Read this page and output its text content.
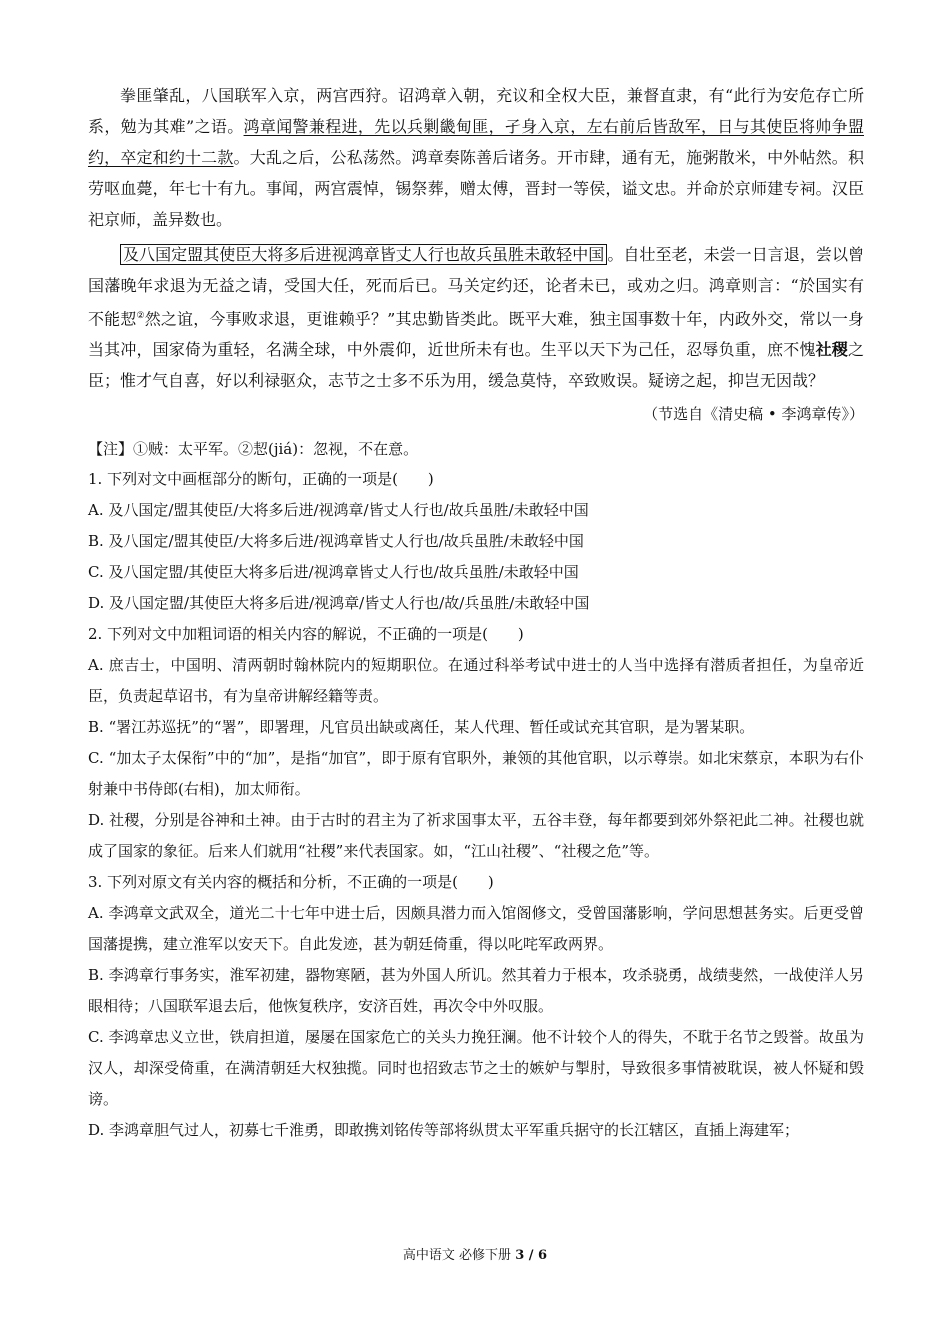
拳匪肇乱，八国联军入京，两宫西狩。诏鸿章入朝，充议和全权大臣，兼督直隶，有“此行为安危存亡所系，勉为其难”之语。鸿章闻警兼程进，先以兵剿畿甸匪，孑身入京，左右前后皆敌军，日与其使臣将帅争盟约，卒定和约十二款。大乱之后，公私荡然。鸿章奏陈善后诸务。开市肆，通有无，施粥散米，中外帖然。积劳呕血薨，年七十有九。事闻，两宫震悼，锡祭葬，赠太傅，晋封一等侯，谥文忠。并命於京师建专祠。汉臣祀京师，盖异数也。

及八国定盟其使臣大将多后进视鸿章皆丈人行也故兵虽胜未敢轻中国 。自壮至老，未尝一日言退，尝以曾国藩晚年求退为无益之请，受国大任，死而后已。马关定约还，论者未已，或劝之归。鸿章则言：“於国实有不能恝②然之谊，今事败求退，更谁赖乎？”其忠勤皆类此。既平大难，独主国事数十年，内政外交，常以一身当其冲，国家倚为重轻，名满全球，中外震仰，近世所未有也。生平以天下为己任，忍辱负重，庶不愧社稷之臣；惟才气自喜，好以利禄驱众，志节之士多不乐为用，缓急莫恃，卒致败误。疑谤之起，抑岂无因哉？

（节选自《清史稿 • 李鸿章传》）

【注】①贼：太平军。②恝(jiá)：忽视，不在意。

1. 下列对文中画框部分的断句，正确的一项是(　　)

A. 及八国定/盟其使臣/大将多后进/视鸿章/皆丈人行也/故兵虽胜/未敢轻中国

B. 及八国定/盟其使臣/大将多后进/视鸿章皆丈人行也/故兵虽胜/未敢轻中国

C. 及八国定盟/其使臣大将多后进/视鸿章皆丈人行也/故兵虽胜/未敢轻中国

D. 及八国定盟/其使臣大将多后进/视鸿章/皆丈人行也/故/兵虽胜/未敢轻中国

2. 下列对文中加粗词语的相关内容的解说，不正确的一项是(　　)

A. 庶吉士，中国明、清两朝时翰林院内的短期职位。在通过科举考试中进士的人当中选择有潜质者担任，为皇帝近臣，负责起草诏书，有为皇帝讲解经籍等责。

B. “署江苏巡抚”的“署”，即署理，凡官员出缺或离任，某人代理、暂任或试充其官职，是为署某职。

C. “加太子太保衔”中的“加”，是指“加官”，即于原有官职外，兼领的其他官职，以示尊崇。如北宋蔡京，本职为右仆射兼中书侍郎(右相)，加太师衔。

D. 社稷，分别是谷神和土神。由于古时的君主为了祈求国事太平，五谷丰登，每年都要到郊外祭祀此二神。社稷也就成了国家的象征。后来人们就用“社稷”来代表国家。如，“江山社稷”、“社稷之危”等。

3. 下列对原文有关内容的概括和分析，不正确的一项是(　　)

A. 李鸿章文武双全，道光二十七年中进士后，因颇具潜力而入馆阁修文，受曾国藩影响，学问思想甚务实。后更受曾国藩提携，建立淮军以安天下。自此发迹，甚为朝廷倚重，得以叱咤军政两界。

B. 李鸿章行事务实，淮军初建，器物寒陋，甚为外国人所讥。然其着力于根本，攻杀骁勇，战绩斐然，一战使洋人另眼相待；八国联军退去后，他恢复秩序，安济百姓，再次令中外叹服。

C. 李鸿章忠义立世，铁肩担道，屡屡在国家危亡的关头力挽狂澜。他不计较个人的得失，不耽于名节之毁誉。故虽为汉人，却深受倚重，在满清朝廷大权独揽。同时也招致志节之士的嫉妒与掣肘，导致很多事情被耽误，被人怀疑和毁谤。

D. 李鸿章胆气过人，初募七千淮勇，即敢携刘铭传等部将纵贯太平军重兵据守的长江辖区，直插上海建军；

高中语文 必修下册 3 / 6
